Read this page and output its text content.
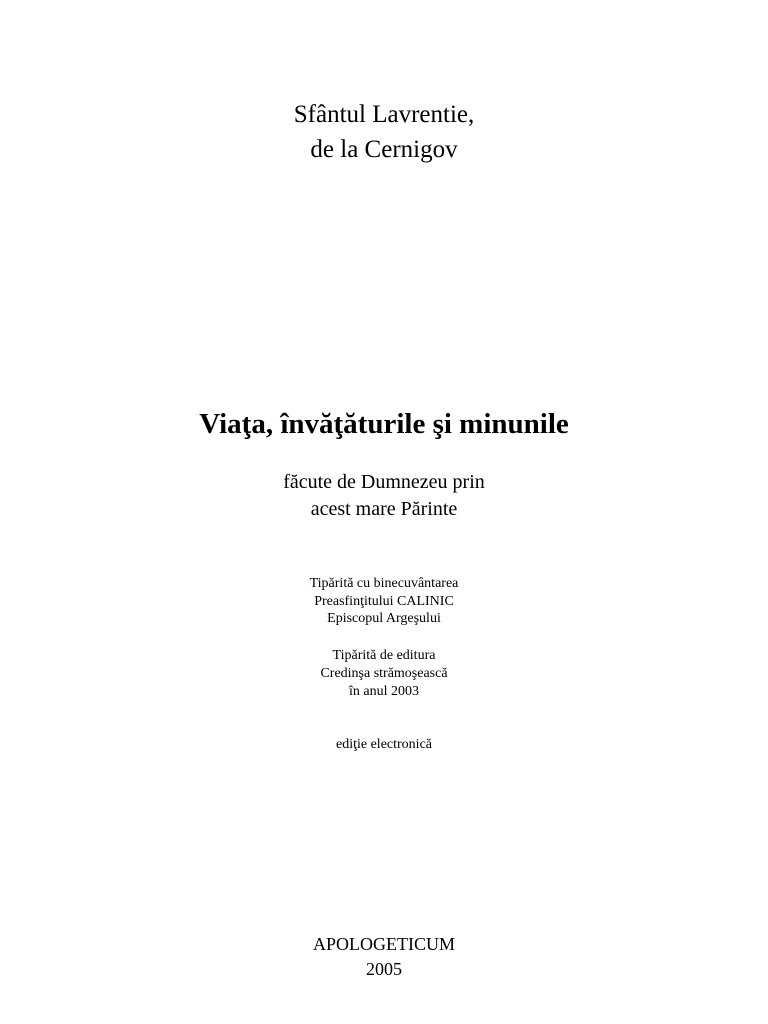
Sfântul Lavrentie,
de la Cernigov
Viaţa, învăţăturile şi minunile
făcute de Dumnezeu prin
acest mare Părinte
Tipărită cu binecuvântarea
Preasfinţitului CALINIC
Episcopul Argeşului
Tipărită de editura
Credinşa strămoşească
în anul 2003
ediţie electronică
APOLOGETICUM
2005
